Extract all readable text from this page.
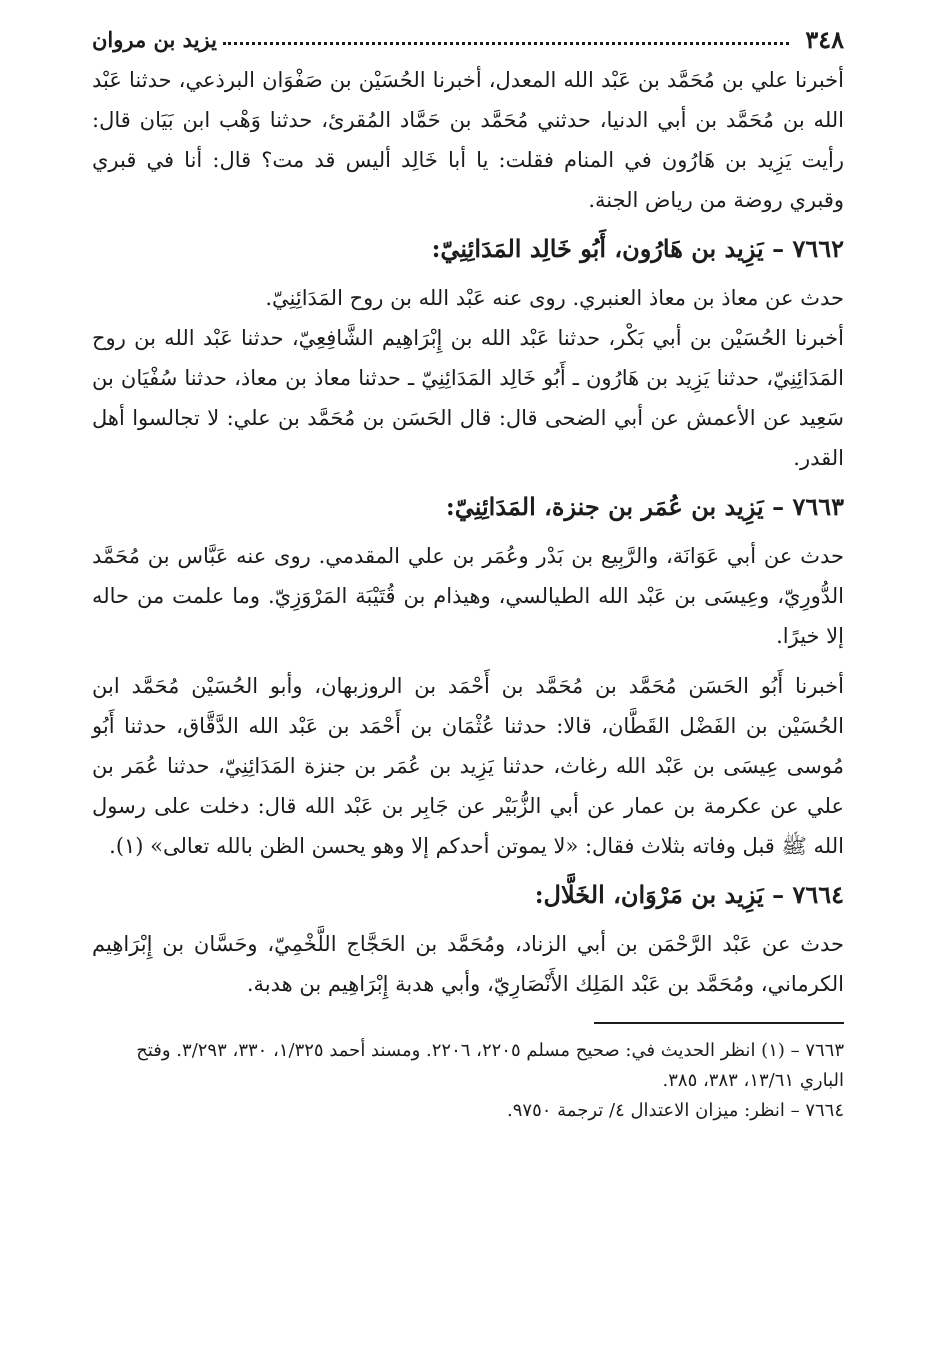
٣٤٨
يزيد بن مروان

أخبرنا علي بن مُحَمَّد بن عَبْد الله المعدل، أخبرنا الحُسَيْن بن صَفْوَان البرذعي، حدثنا عَبْد الله بن مُحَمَّد بن أبي الدنيا، حدثني مُحَمَّد بن حَمَّاد المُقرئ، حدثنا وَهْب ابن بَيَان قال: رأيت يَزِيد بن هَارُون في المنام فقلت: يا أبا خَالِد أليس قد مت؟ قال: أنا في قبري وقبري روضة من رياض الجنة.

٧٦٦٢ – يَزِيد بن هَارُون، أَبُو خَالِد المَدَائِنِيّ:

حدث عن معاذ بن معاذ العنبري. روى عنه عَبْد الله بن روح المَدَائِنِيّ.

أخبرنا الحُسَيْن بن أبي بَكْر، حدثنا عَبْد الله بن إِبْرَاهِيم الشَّافِعِيّ، حدثنا عَبْد الله بن روح المَدَائِنِيّ، حدثنا يَزِيد بن هَارُون ـ أَبُو خَالِد المَدَائِنِيّ ـ حدثنا معاذ بن معاذ، حدثنا سُفْيَان بن سَعِيد عن الأعمش عن أبي الضحى قال: قال الحَسَن بن مُحَمَّد بن علي: لا تجالسوا أهل القدر.

٧٦٦٣ – يَزِيد بن عُمَر بن جنزة، المَدَائِنِيّ:

حدث عن أبي عَوَانَة، والرَّبِيع بن بَدْر وعُمَر بن علي المقدمي. روى عنه عَبَّاس بن مُحَمَّد الدُّورِيّ، وعِيسَى بن عَبْد الله الطيالسي، وهيذام بن قُتَيْبَة المَرْوَزِيّ. وما علمت من حاله إلا خيرًا.

أخبرنا أَبُو الحَسَن مُحَمَّد بن مُحَمَّد بن أَحْمَد بن الروزبهان، وأبو الحُسَيْن مُحَمَّد ابن الحُسَيْن بن الفَضْل القَطَّان، قالا: حدثنا عُثْمَان بن أَحْمَد بن عَبْد الله الدَّقَّاق، حدثنا أَبُو مُوسى عِيسَى بن عَبْد الله رغاث، حدثنا يَزِيد بن عُمَر بن جنزة المَدَائِنِيّ، حدثنا عُمَر بن علي عن عكرمة بن عمار عن أبي الزُّبَيْر عن جَابِر بن عَبْد الله قال: دخلت على رسول الله ﷺ قبل وفاته بثلاث فقال: «لا يموتن أحدكم إلا وهو يحسن الظن بالله تعالى» (١).

٧٦٦٤ – يَزِيد بن مَرْوَان، الخَلَّال:

حدث عن عَبْد الرَّحْمَن بن أبي الزناد، ومُحَمَّد بن الحَجَّاج اللَّخْمِيّ، وحَسَّان بن إِبْرَاهِيم الكرماني، ومُحَمَّد بن عَبْد المَلِك الأَنْصَارِيّ، وأبي هدبة إِبْرَاهِيم بن هدبة.

٧٦٦٣ – (١) انظر الحديث في: صحيح مسلم ٢٢٠٥، ٢٢٠٦. ومسند أحمد ١/٣٢٥، ٣٣٠، ٣/٢٩٣. وفتح الباري ١٣/٦١، ٣٨٣، ٣٨٥.

٧٦٦٤ – انظر: ميزان الاعتدال ٤/ ترجمة ٩٧٥٠.
